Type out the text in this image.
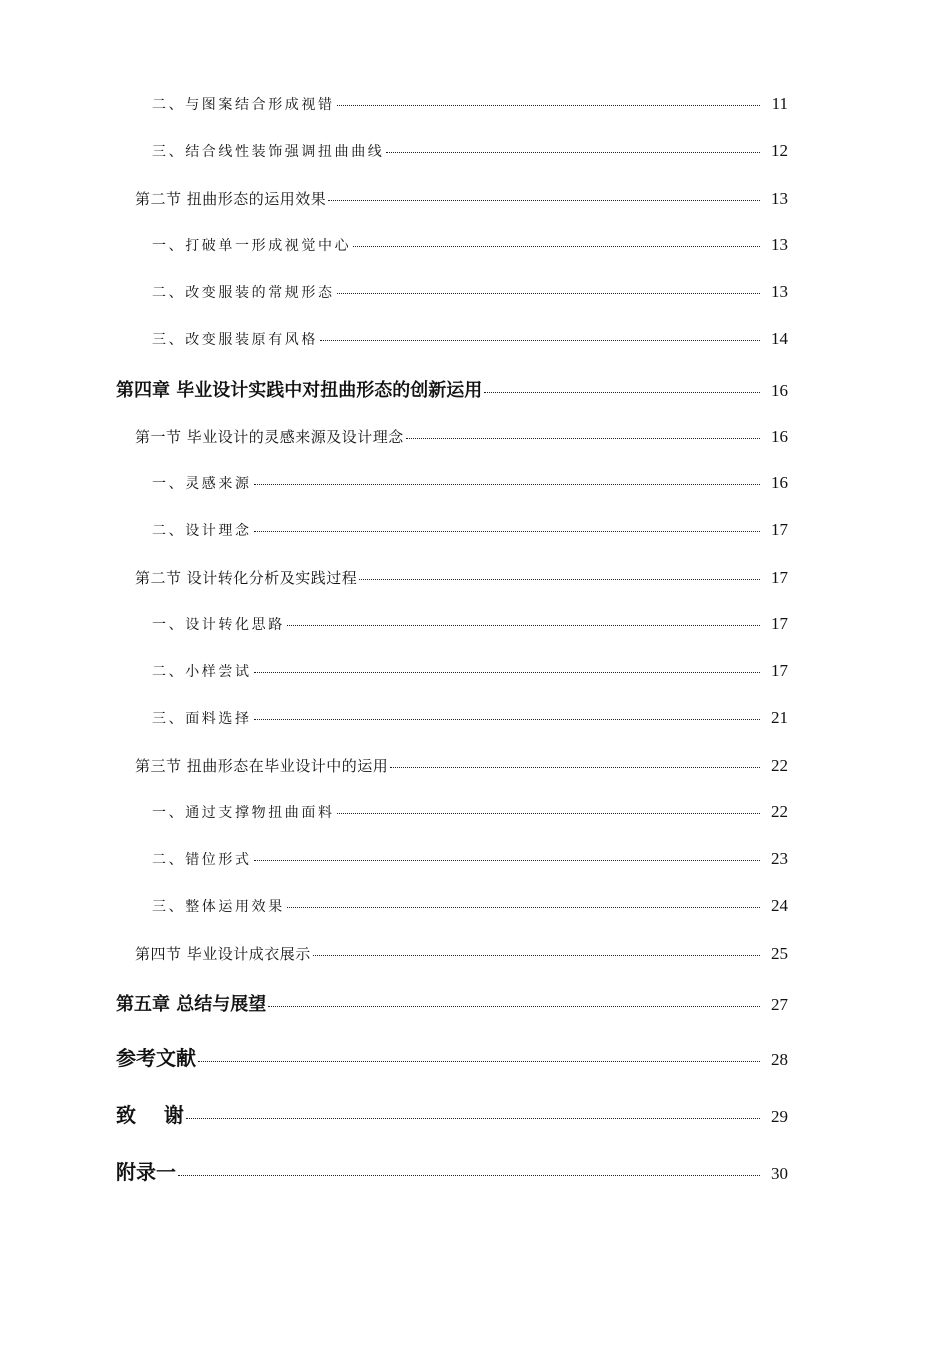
二、与图案结合形成视错	11
三、结合线性装饰强调扭曲曲线	12
第二节 扭曲形态的运用效果	13
一、打破单一形成视觉中心	13
二、改变服装的常规形态	13
三、改变服装原有风格	14
第四章 毕业设计实践中对扭曲形态的创新运用	16
第一节 毕业设计的灵感来源及设计理念	16
一、灵感来源	16
二、设计理念	17
第二节 设计转化分析及实践过程	17
一、设计转化思路	17
二、小样尝试	17
三、面料选择	21
第三节 扭曲形态在毕业设计中的运用	22
一、通过支撑物扭曲面料	22
二、错位形式	23
三、整体运用效果	24
第四节 毕业设计成衣展示	25
第五章 总结与展望	27
参考文献	28
致    谢	29
附录一	30
